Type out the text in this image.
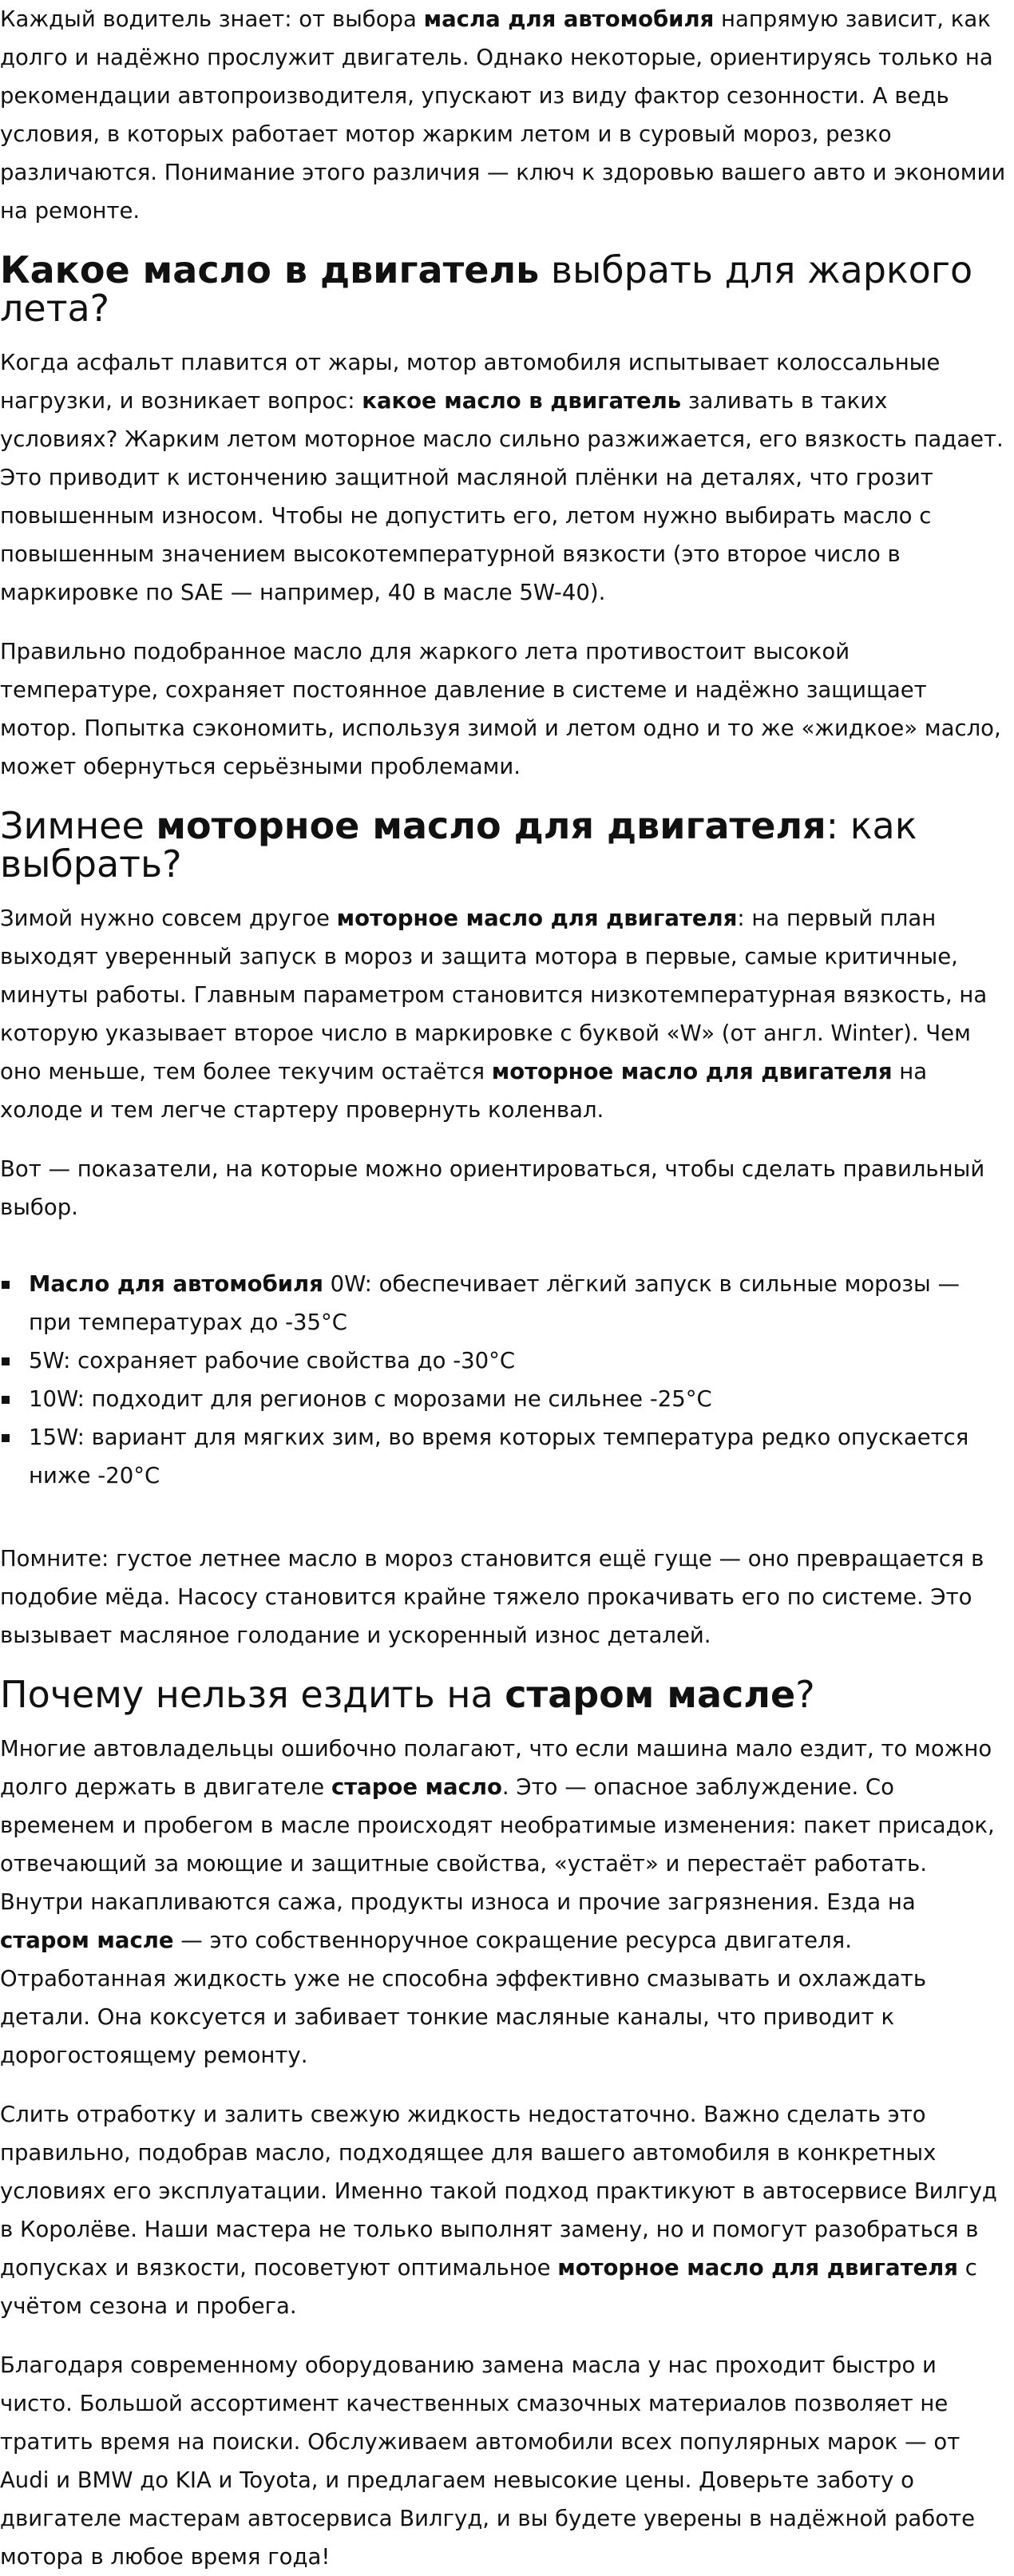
Каждый водитель знает: от выбора масла для автомобиля напрямую зависит, как долго и надёжно прослужит двигатель. Однако некоторые, ориентируясь только на рекомендации автопроизводителя, упускают из виду фактор сезонности. А ведь условия, в которых работает мотор жарким летом и в суровый мороз, резко различаются. Понимание этого различия — ключ к здоровью вашего авто и экономии на ремонте.

Какое масло в двигатель выбрать для жаркого лета?

Когда асфальт плавится от жары, мотор автомобиля испытывает колоссальные нагрузки, и возникает вопрос: какое масло в двигатель заливать в таких условиях? Жарким летом моторное масло сильно разжижается, его вязкость падает. Это приводит к истончению защитной масляной плёнки на деталях, что грозит повышенным износом. Чтобы не допустить его, летом нужно выбирать масло с повышенным значением высокотемпературной вязкости (это второе число в маркировке по SAE — например, 40 в масле 5W-40).

Правильно подобранное масло для жаркого лета противостоит высокой температуре, сохраняет постоянное давление в системе и надёжно защищает мотор. Попытка сэкономить, используя зимой и летом одно и то же «жидкое» масло, может обернуться серьёзными проблемами.

Зимнее моторное масло для двигателя: как выбрать?

Зимой нужно совсем другое моторное масло для двигателя: на первый план выходят уверенный запуск в мороз и защита мотора в первые, самые критичные, минуты работы. Главным параметром становится низкотемпературная вязкость, на которую указывает второе число в маркировке с буквой «W» (от англ. Winter). Чем оно меньше, тем более текучим остаётся моторное масло для двигателя на холоде и тем легче стартеру провернуть коленвал.

Вот — показатели, на которые можно ориентироваться, чтобы сделать правильный выбор.

Масло для автомобиля 0W: обеспечивает лёгкий запуск в сильные морозы — при температурах до -35°C
5W: сохраняет рабочие свойства до -30°C
10W: подходит для регионов с морозами не сильнее -25°C
15W: вариант для мягких зим, во время которых температура редко опускается ниже -20°C

Помните: густое летнее масло в мороз становится ещё гуще — оно превращается в подобие мёда. Насосу становится крайне тяжело прокачивать его по системе. Это вызывает масляное голодание и ускоренный износ деталей.

Почему нельзя ездить на старом масле?

Многие автовладельцы ошибочно полагают, что если машина мало ездит, то можно долго держать в двигателе старое масло. Это — опасное заблуждение. Со временем и пробегом в масле происходят необратимые изменения: пакет присадок, отвечающий за моющие и защитные свойства, «устаёт» и перестаёт работать. Внутри накапливаются сажа, продукты износа и прочие загрязнения. Езда на старом масле — это собственноручное сокращение ресурса двигателя. Отработанная жидкость уже не способна эффективно смазывать и охлаждать детали. Она коксуется и забивает тонкие масляные каналы, что приводит к дорогостоящему ремонту.

Слить отработку и залить свежую жидкость недостаточно. Важно сделать это правильно, подобрав масло, подходящее для вашего автомобиля в конкретных условиях его эксплуатации. Именно такой подход практикуют в автосервисе Вилгуд в Королёве. Наши мастера не только выполнят замену, но и помогут разобраться в допусках и вязкости, посоветуют оптимальное моторное масло для двигателя с учётом сезона и пробега.

Благодаря современному оборудованию замена масла у нас проходит быстро и чисто. Большой ассортимент качественных смазочных материалов позволяет не тратить время на поиски. Обслуживаем автомобили всех популярных марок — от Audi и BMW до KIA и Toyota, и предлагаем невысокие цены. Доверьте заботу о двигателе мастерам автосервиса Вилгуд, и вы будете уверены в надёжной работе мотора в любое время года!
